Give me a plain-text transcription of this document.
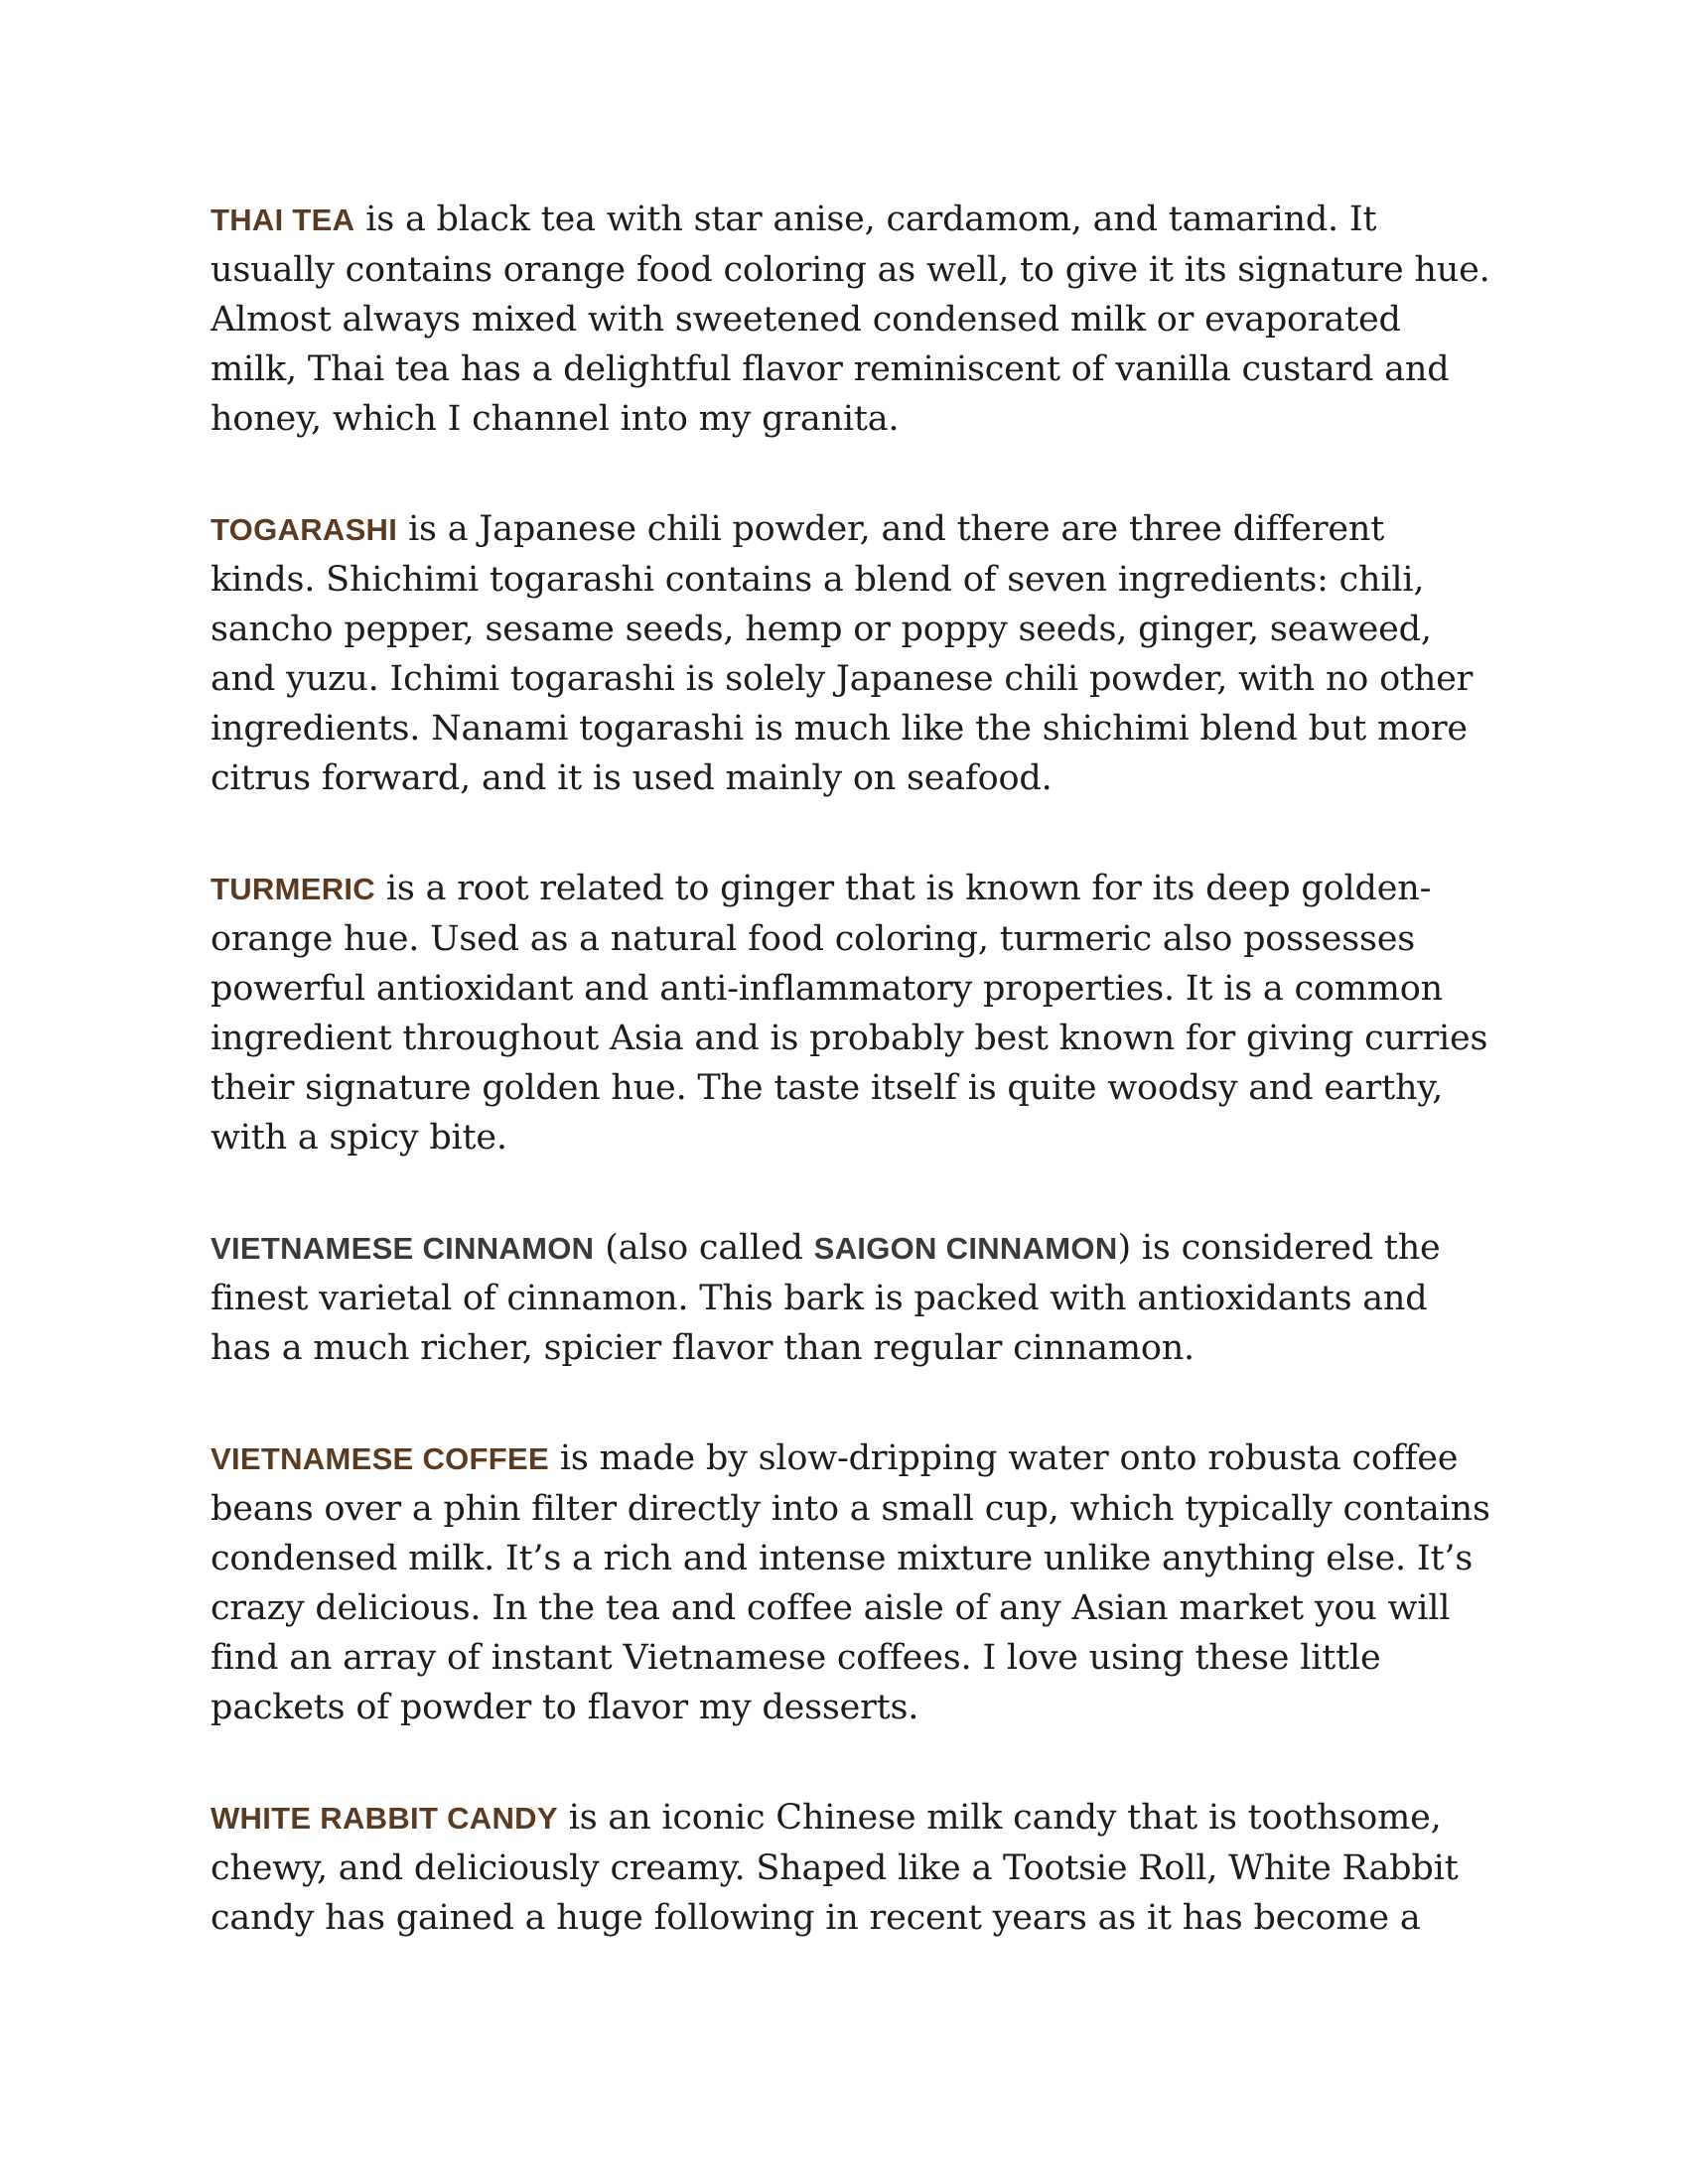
THAI TEA is a black tea with star anise, cardamom, and tamarind. It usually contains orange food coloring as well, to give it its signature hue. Almost always mixed with sweetened condensed milk or evaporated milk, Thai tea has a delightful flavor reminiscent of vanilla custard and honey, which I channel into my granita.

TOGARASHI is a Japanese chili powder, and there are three different kinds. Shichimi togarashi contains a blend of seven ingredients: chili, sancho pepper, sesame seeds, hemp or poppy seeds, ginger, seaweed, and yuzu. Ichimi togarashi is solely Japanese chili powder, with no other ingredients. Nanami togarashi is much like the shichimi blend but more citrus forward, and it is used mainly on seafood.

TURMERIC is a root related to ginger that is known for its deep golden-orange hue. Used as a natural food coloring, turmeric also possesses powerful antioxidant and anti-inflammatory properties. It is a common ingredient throughout Asia and is probably best known for giving curries their signature golden hue. The taste itself is quite woodsy and earthy, with a spicy bite.

VIETNAMESE CINNAMON (also called SAIGON CINNAMON) is considered the finest varietal of cinnamon. This bark is packed with antioxidants and has a much richer, spicier flavor than regular cinnamon.

VIETNAMESE COFFEE is made by slow-dripping water onto robusta coffee beans over a phin filter directly into a small cup, which typically contains condensed milk. It’s a rich and intense mixture unlike anything else. It’s crazy delicious. In the tea and coffee aisle of any Asian market you will find an array of instant Vietnamese coffees. I love using these little packets of powder to flavor my desserts.

WHITE RABBIT CANDY is an iconic Chinese milk candy that is toothsome, chewy, and deliciously creamy. Shaped like a Tootsie Roll, White Rabbit candy has gained a huge following in recent years as it has become a
